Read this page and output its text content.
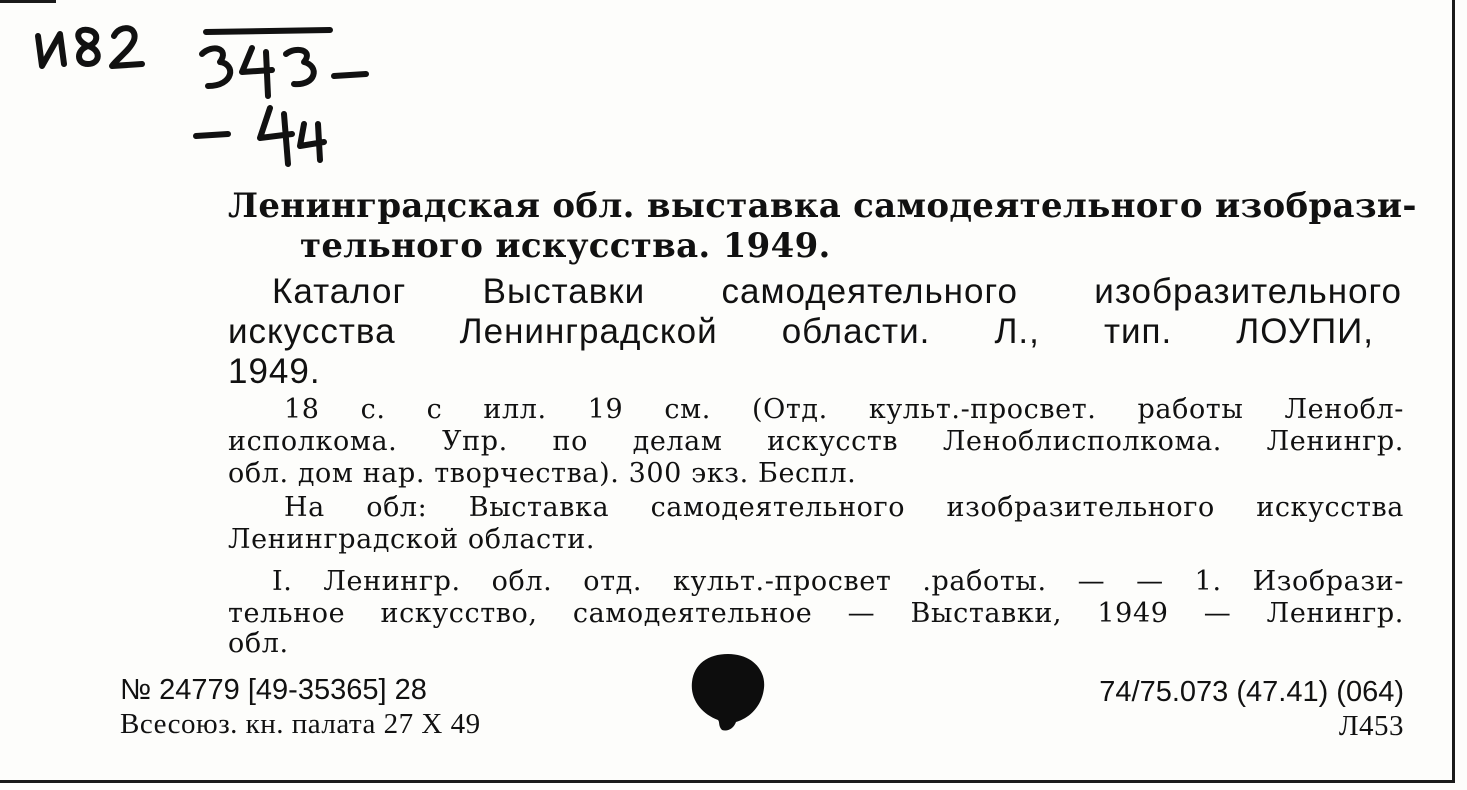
Ленинградская обл. выставка самодеятельного изобрази-
тельного искусства. 1949.
Каталог Выставки самодеятельного изобразительного
искусства Ленинградской области. Л., тип. ЛОУПИ,
1949.
18 с. с илл. 19 см. (Отд. культ.-просвет. работы Ленобл-
исполкома. Упр. по делам искусств Леноблисполкома. Ленингр.
обл. дом нар. творчества). 300 экз. Беспл.
На обл: Выставка самодеятельного изобразительного искусства
Ленинградской области.
I. Ленингр. обл. отд. культ.-просвет .работы. — — 1. Изобрази-
тельное искусство, самодеятельное — Выставки, 1949 — Ленингр.
обл.
№ 24779 [49-35365] 28
Всесоюз. кн. палата 27 X 49
74/75.073 (47.41) (064)
Л453
